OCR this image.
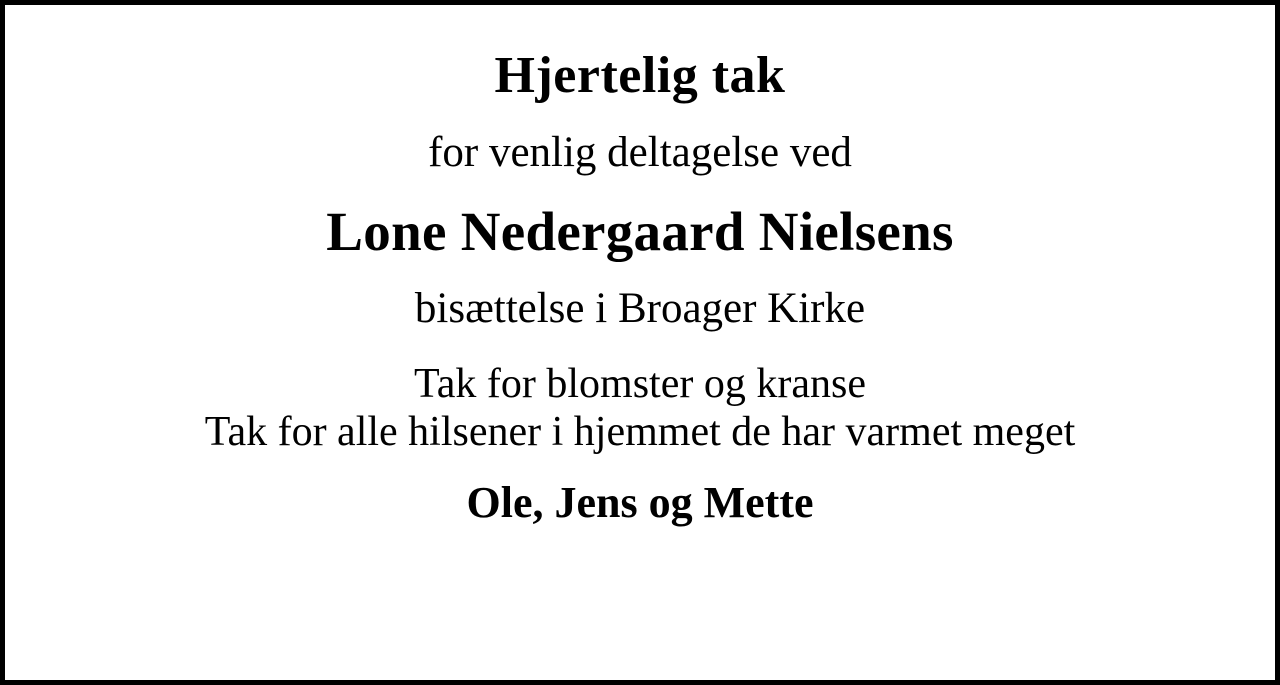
Hjertelig tak
for venlig deltagelse ved
Lone Nedergaard Nielsens
bisættelse i Broager Kirke
Tak for blomster og kranse
Tak for alle hilsener i hjemmet de har varmet meget
Ole, Jens og Mette
